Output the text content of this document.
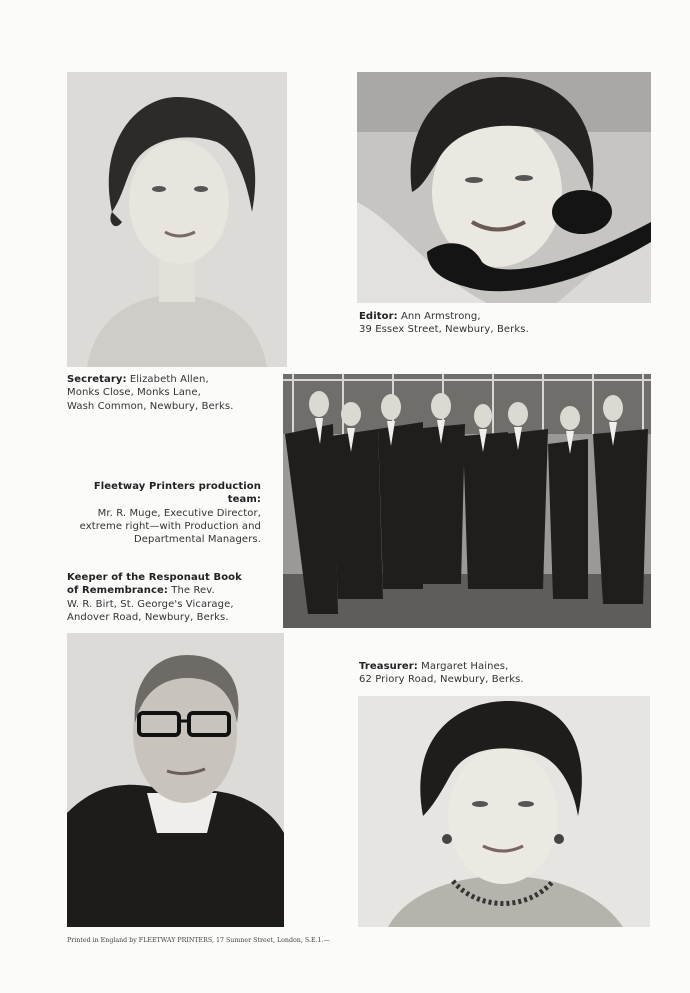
Editor: Ann Armstrong,
39 Essex Street, Newbury, Berks.
Secretary: Elizabeth Allen,
Monks Close, Monks Lane,
Wash Common, Newbury, Berks.
Fleetway Printers production team:
Mr. R. Muge, Executive Director,
extreme right—with Production and
Departmental Managers.
Keeper of the Responaut Book
of Remembrance: The Rev.
W. R. Birt, St. George's Vicarage,
Andover Road, Newbury, Berks.
Treasurer: Margaret Haines,
62 Priory Road, Newbury, Berks.
Printed in England by FLEETWAY PRINTERS, 17 Sumner Street, London, S.E.1.—
